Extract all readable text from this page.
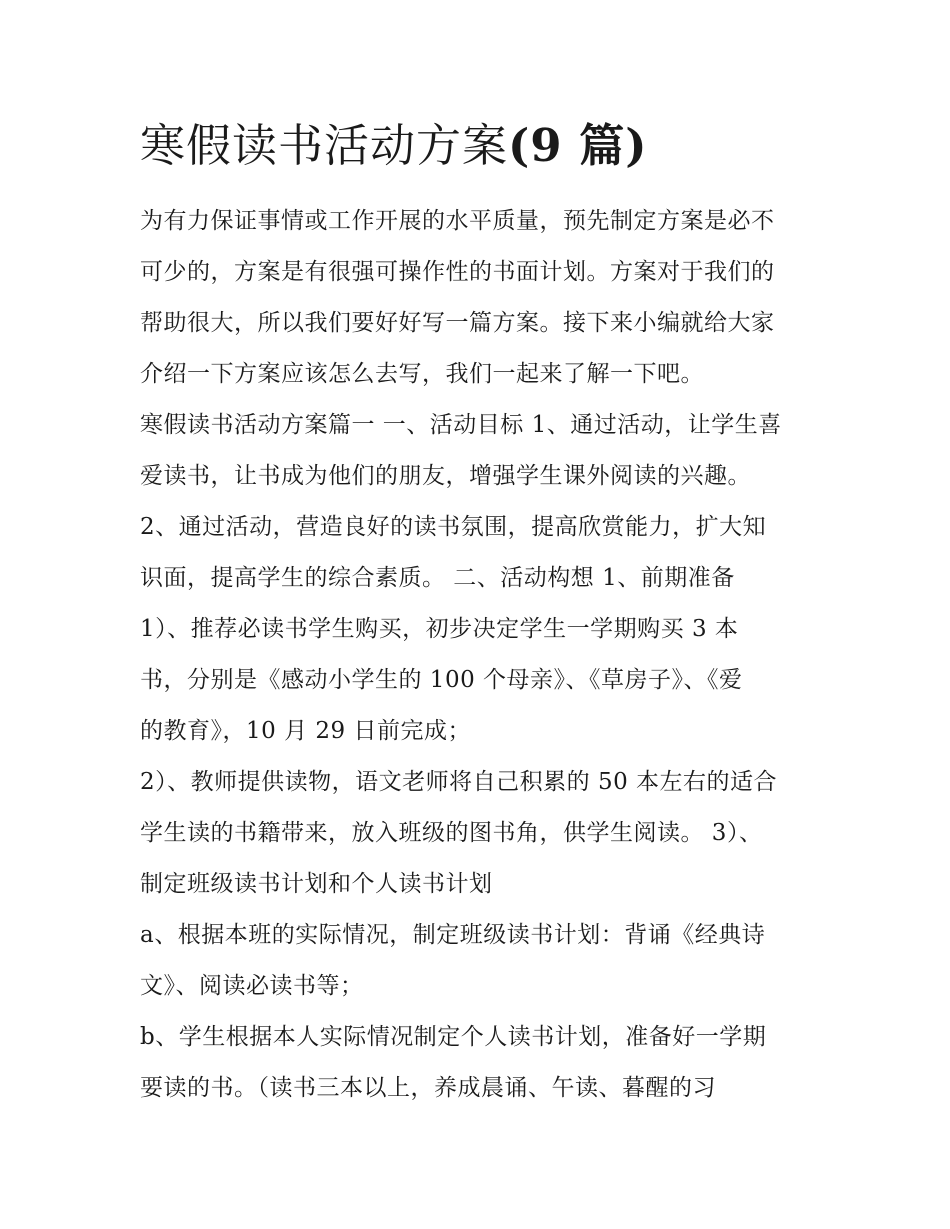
寒假读书活动方案(9 篇)

为有力保证事情或工作开展的水平质量，预先制定方案是必不

可少的，方案是有很强可操作性的书面计划。方案对于我们的

帮助很大，所以我们要好好写一篇方案。接下来小编就给大家

介绍一下方案应该怎么去写，我们一起来了解一下吧。

寒假读书活动方案篇一 一、活动目标 1、通过活动，让学生喜

爱读书，让书成为他们的朋友，增强学生课外阅读的兴趣。

2、通过活动，营造良好的读书氛围，提高欣赏能力，扩大知

识面，提高学生的综合素质。 二、活动构想 1、前期准备

1）、推荐必读书学生购买，初步决定学生一学期购买 3 本

书，分别是《感动小学生的 100 个母亲》、《草房子》、《爱

的教育》，10 月 29 日前完成；

2）、教师提供读物，语文老师将自己积累的 50 本左右的适合

学生读的书籍带来，放入班级的图书角，供学生阅读。 3）、

制定班级读书计划和个人读书计划

a、根据本班的实际情况，制定班级读书计划：背诵《经典诗

文》、阅读必读书等；

b、学生根据本人实际情况制定个人读书计划，准备好一学期

要读的书。（读书三本以上，养成晨诵、午读、暮醒的习
